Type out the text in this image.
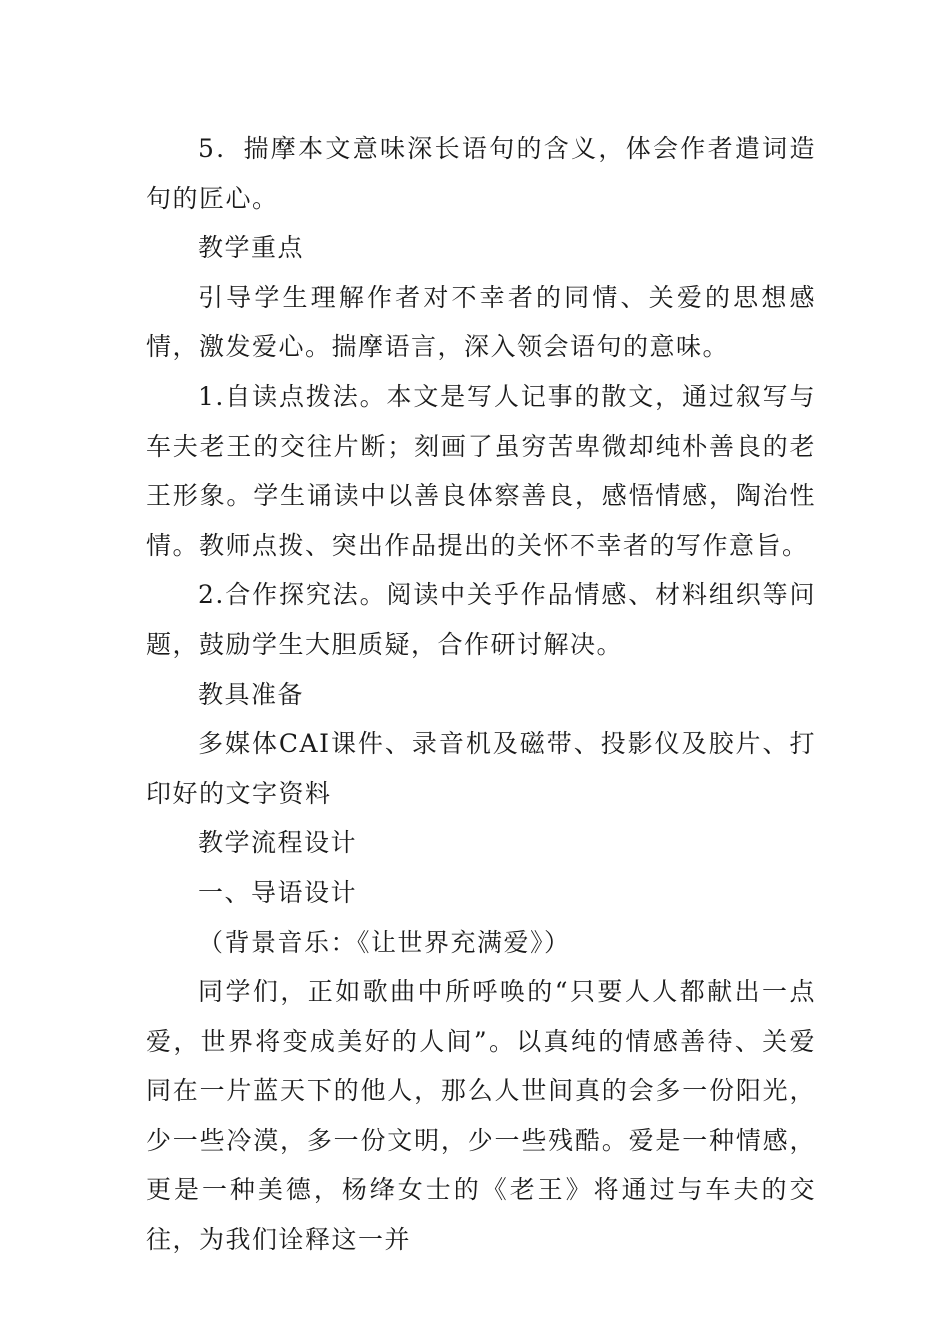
5．揣摩本文意味深长语句的含义，体会作者遣词造句的匠心。

教学重点

引导学生理解作者对不幸者的同情、关爱的思想感情，激发爱心。揣摩语言，深入领会语句的意味。

1.自读点拨法。本文是写人记事的散文，通过叙写与车夫老王的交往片断；刻画了虽穷苦卑微却纯朴善良的老王形象。学生诵读中以善良体察善良，感悟情感，陶治性情。教师点拨、突出作品提出的关怀不幸者的写作意旨。

2.合作探究法。阅读中关乎作品情感、材料组织等问题，鼓励学生大胆质疑，合作研讨解决。

教具准备

多媒体CAI课件、录音机及磁带、投影仪及胶片、打印好的文字资料

教学流程设计

一、导语设计

（背景音乐：《让世界充满爱》）

同学们，正如歌曲中所呼唤的“只要人人都献出一点爱，世界将变成美好的人间”。以真纯的情感善待、关爱同在一片蓝天下的他人，那么人世间真的会多一份阳光，少一些冷漠，多一份文明，少一些残酷。爱是一种情感，更是一种美德，杨绛女士的《老王》将通过与车夫的交往，为我们诠释这一并
